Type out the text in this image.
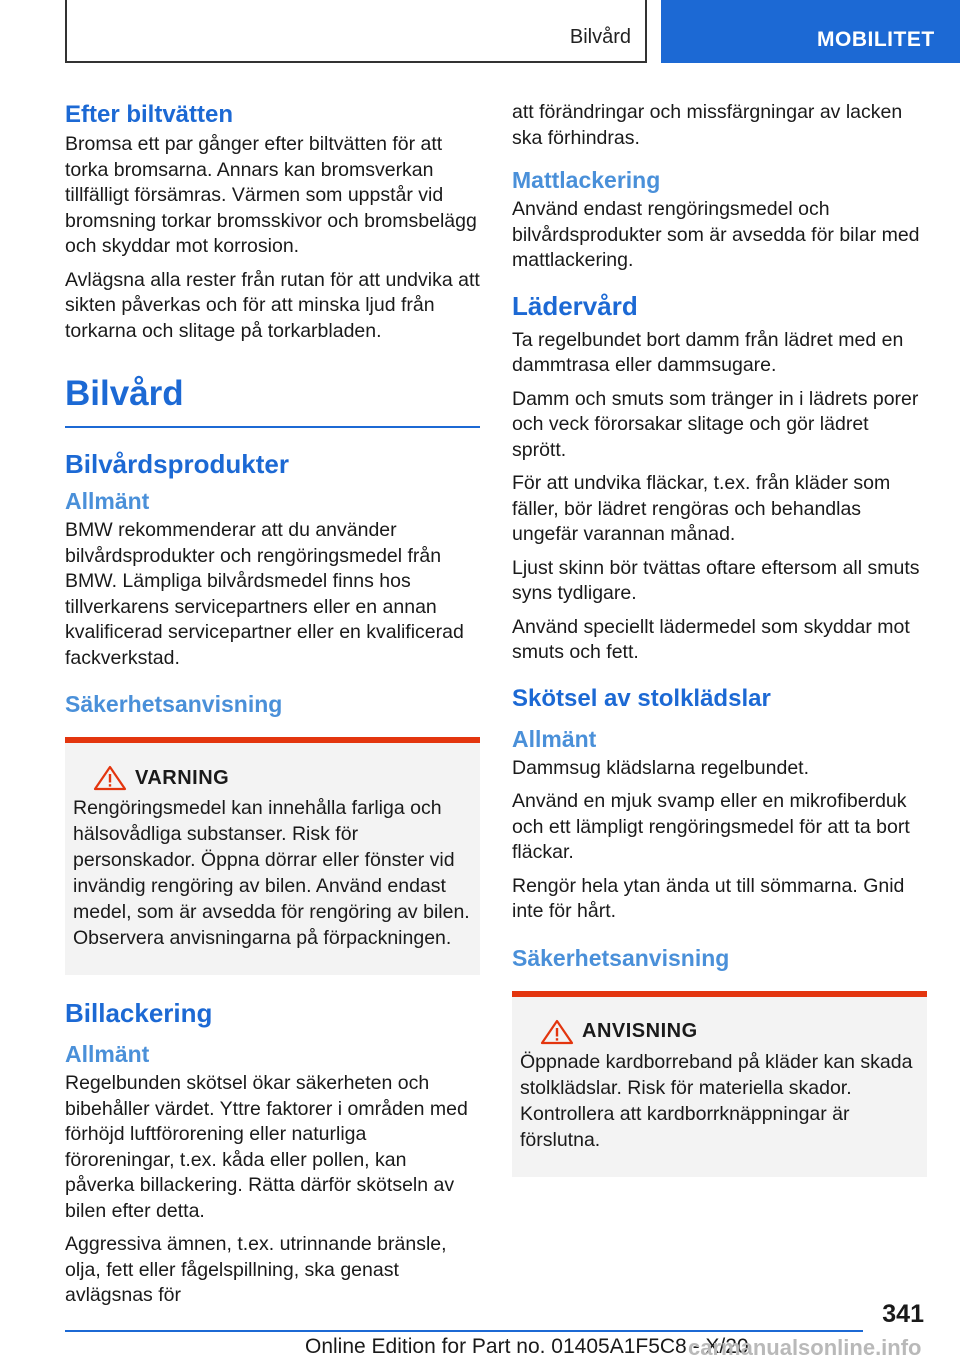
Bilvård	MOBILITET
Efter biltvätten

Bromsa ett par gånger efter biltvätten för att torka bromsarna. Annars kan bromsverkan tillfälligt försämras. Värmen som uppstår vid bromsning torkar bromsskivor och bromsbelägg och skyddar mot korrosion.

Avlägsna alla rester från rutan för att undvika att sikten påverkas och för att minska ljud från torkarna och slitage på torkarbladen.

Bilvård
Bilvårdsprodukter
Allmänt

BMW rekommenderar att du använder bilvårdsprodukter och rengöringsmedel från BMW. Lämpliga bilvårdsmedel finns hos tillverkarens servicepartners eller en annan kvalificerad servicepartner eller en kvalificerad fackverkstad.

Säkerhetsanvisning
VARNING

Rengöringsmedel kan innehålla farliga och hälsovådliga substanser. Risk för personskador. Öppna dörrar eller fönster vid invändig rengöring av bilen. Använd endast medel, som är avsedda för rengöring av bilen. Observera anvisningarna på förpackningen.

Billackering
Allmänt

Regelbunden skötsel ökar säkerheten och bibehåller värdet. Yttre faktorer i områden med förhöjd luftförorening eller naturliga föroreningar, t.ex. kåda eller pollen, kan påverka billackering. Rätta därför skötseln av bilen efter detta.

Aggressiva ämnen, t.ex. utrinnande bränsle, olja, fett eller fågelspillning, ska genast avlägsnas för

att förändringar och missfärgningar av lacken ska förhindras.

Mattlackering

Använd endast rengöringsmedel och bilvårdsprodukter som är avsedda för bilar med mattlackering.

Lädervård

Ta regelbundet bort damm från lädret med en dammtrasa eller dammsugare.

Damm och smuts som tränger in i lädrets porer och veck förorsakar slitage och gör lädret sprött.

För att undvika fläckar, t.ex. från kläder som fäller, bör lädret rengöras och behandlas ungefär varannan månad.

Ljust skinn bör tvättas oftare eftersom all smuts syns tydligare.

Använd speciellt lädermedel som skyddar mot smuts och fett.

Skötsel av stolklädslar
Allmänt

Dammsug klädslarna regelbundet.

Använd en mjuk svamp eller en mikrofiberduk och ett lämpligt rengöringsmedel för att ta bort fläckar.

Rengör hela ytan ända ut till sömmarna. Gnid inte för hårt.

Säkerhetsanvisning
ANVISNING

Öppnade kardborreband på kläder kan skada stolklädslar. Risk för materiella skador. Kontrollera att kardborrknäppningar är förslutna.

341
Online Edition for Part no. 01405A1F5C8 - X/20
carmanualsonline.info
